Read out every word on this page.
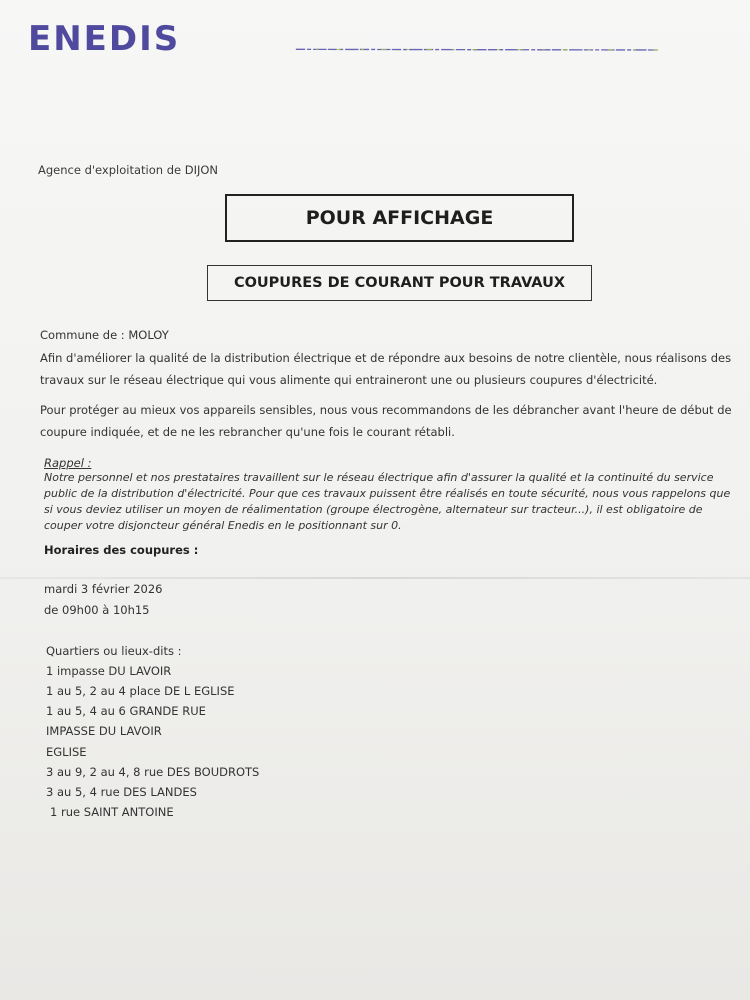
ENEDIS
Agence d'exploitation de DIJON
POUR AFFICHAGE
COUPURES DE COURANT POUR TRAVAUX
Commune de : MOLOY

Afin d'améliorer la qualité de la distribution électrique et de répondre aux besoins de notre clientèle, nous réalisons des travaux sur le réseau électrique qui vous alimente qui entraineront une ou plusieurs coupures d'électricité.

Pour protéger au mieux vos appareils sensibles, nous vous recommandons de les débrancher avant l'heure de début de coupure indiquée, et de ne les rebrancher qu'une fois le courant rétabli.

Rappel :

Notre personnel et nos prestataires travaillent sur le réseau électrique afin d'assurer la qualité et la continuité du service public de la distribution d'électricité. Pour que ces travaux puissent être réalisés en toute sécurité, nous vous rappelons que si vous deviez utiliser un moyen de réalimentation (groupe électrogène, alternateur sur tracteur...), il est obligatoire de couper votre disjoncteur général Enedis en le positionnant sur 0.

Horaires des coupures :
mardi 3 février 2026
de 09h00 à 10h15
Quartiers ou lieux-dits :
1 impasse DU LAVOIR
1 au 5, 2 au 4 place DE L EGLISE
1 au 5, 4 au 6 GRANDE RUE
IMPASSE DU LAVOIR
EGLISE
3 au 9, 2 au 4, 8 rue DES BOUDROTS
3 au 5, 4 rue DES LANDES
1 rue SAINT ANTOINE
